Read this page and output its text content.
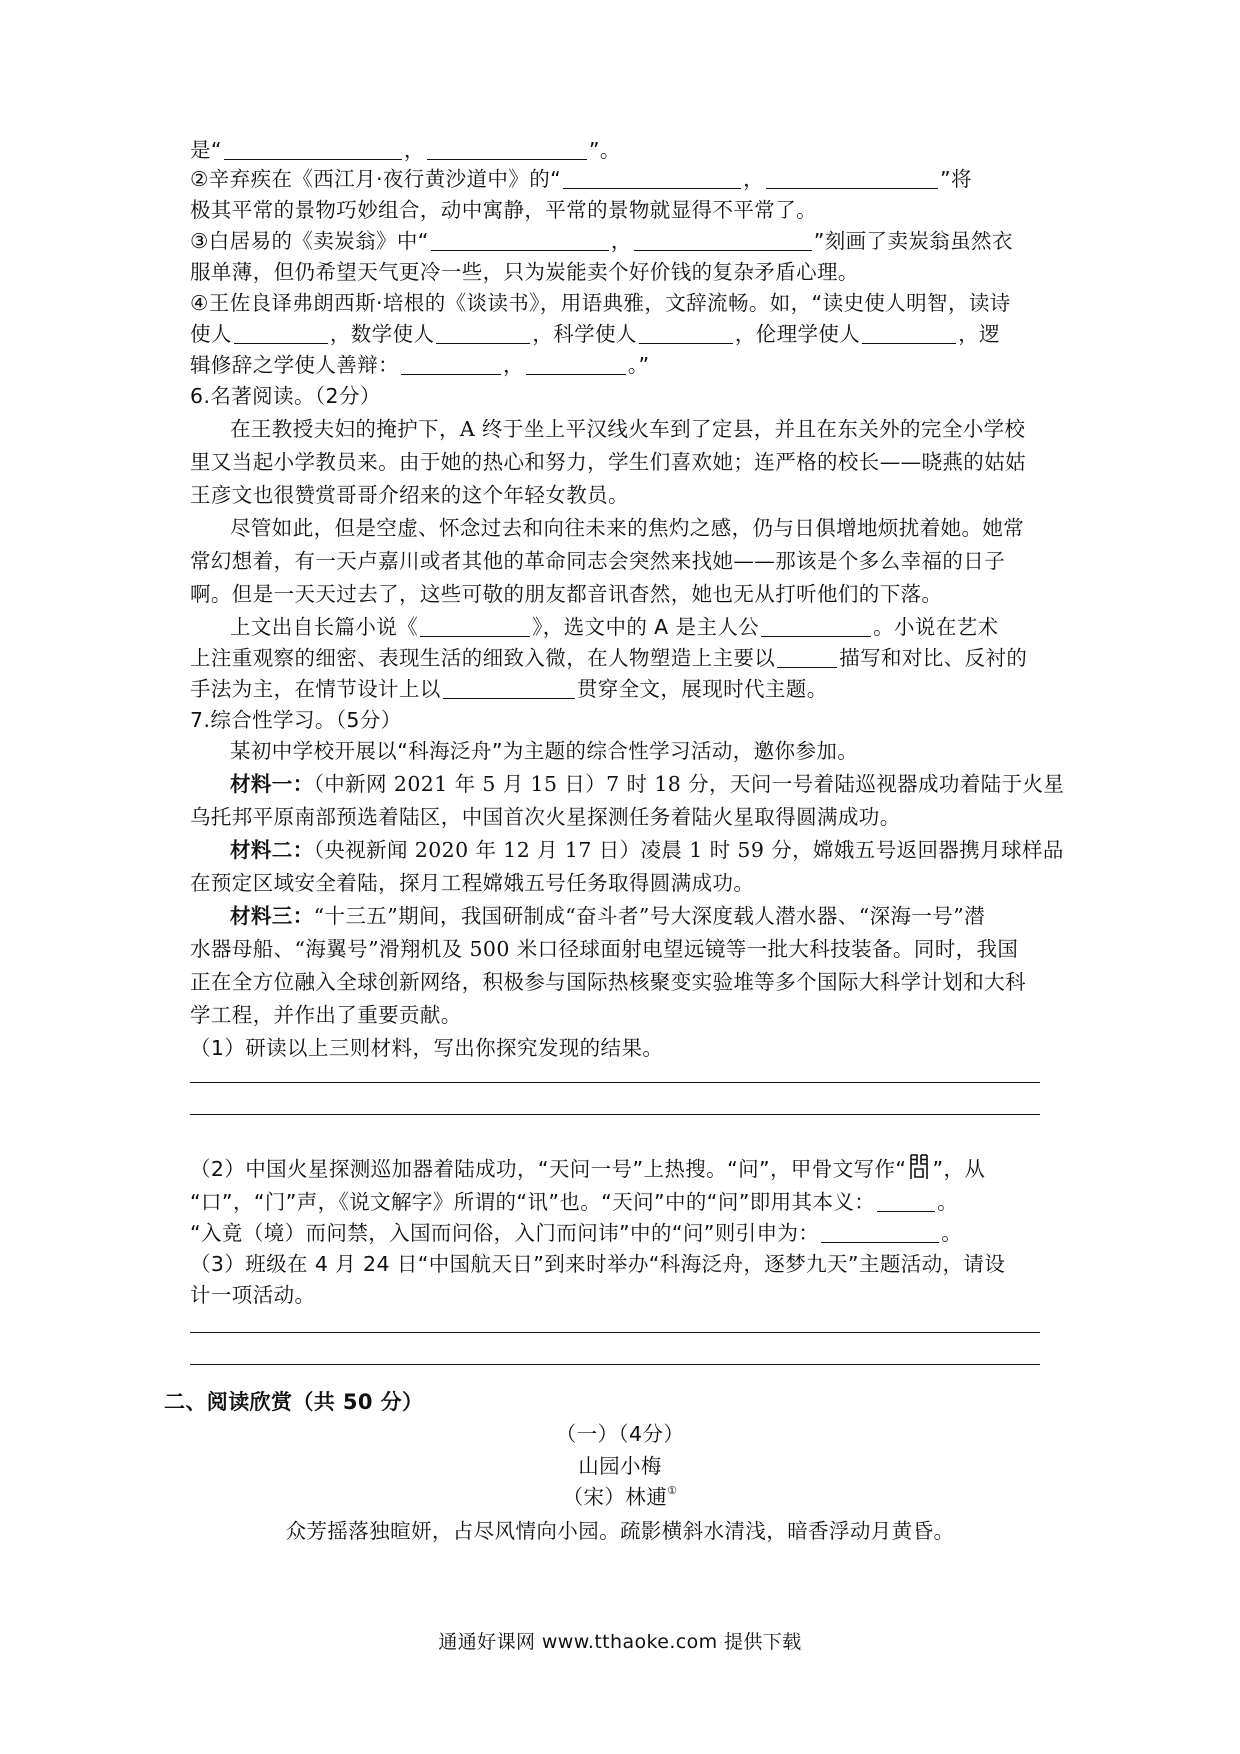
是“	，	”。
②辛弃疾在《西江月·夜行黄沙道中》的“	，	”将
极其平常的景物巧妙组合，动中寓静，平常的景物就显得不平常了。
③白居易的《卖炭翁》中“	，	”刻画了卖炭翁虽然衣
服单薄，但仍希望天气更冷一些，只为炭能卖个好价钱的复杂矛盾心理。
④王佐良译弗朗西斯·培根的《谈读书》，用语典雅，文辞流畅。如，“读史使人明智，读诗
使人	，数学使人	，科学使人	，伦理学使人	，逻
辑修辞之学使人善辩：	，	。”
6.名著阅读。（2分）
在王教授夫妇的掩护下，A 终于坐上平汉线火车到了定县，并且在东关外的完全小学校
里又当起小学教员来。由于她的热心和努力，学生们喜欢她；连严格的校长——晓燕的姑姑
王彦文也很赞赏哥哥介绍来的这个年轻女教员。
尽管如此，但是空虚、怀念过去和向往未来的焦灼之感，仍与日俱增地烦扰着她。她常
常幻想着，有一天卢嘉川或者其他的革命同志会突然来找她——那该是个多么幸福的日子
啊。但是一天天过去了，这些可敬的朋友都音讯杳然，她也无从打听他们的下落。
上文出自长篇小说《	》，选文中的 A 是主人公	。小说在艺术
上注重观察的细密、表现生活的细致入微，在人物塑造上主要以	描写和对比、反衬的
手法为主，在情节设计上以	贯穿全文，展现时代主题。
7.综合性学习。（5分）
某初中学校开展以“科海泛舟”为主题的综合性学习活动，邀你参加。
材料一：（中新网 2021 年 5 月 15 日）7 时 18 分，天问一号着陆巡视器成功着陆于火星
乌托邦平原南部预选着陆区，中国首次火星探测任务着陆火星取得圆满成功。
材料二：（央视新闻 2020 年 12 月 17 日）凌晨 1 时 59 分，嫦娥五号返回器携月球样品
在预定区域安全着陆，探月工程嫦娥五号任务取得圆满成功。
材料三：“十三五”期间，我国研制成“奋斗者”号大深度载人潜水器、“深海一号”潜
水器母船、“海翼号”滑翔机及 500 米口径球面射电望远镜等一批大科技装备。同时，我国
正在全方位融入全球创新网络，积极参与国际热核聚变实验堆等多个国际大科学计划和大科
学工程，并作出了重要贡献。
（1）研读以上三则材料，写出你探究发现的结果。
（2）中国火星探测巡加器着陆成功，“天问一号”上热搜。“问”，甲骨文写作“ ”，从
“口”，“门”声，《说文解字》所谓的“讯”也。“天问”中的“问”即用其本义：	。
“入竟（境）而问禁，入国而问俗，入门而问讳”中的“问”则引申为：	。
（3）班级在 4 月 24 日“中国航天日”到来时举办“科海泛舟，逐梦九天”主题活动，请设
计一项活动。
二、阅读欣赏（共 50 分）
（一）（4分）
山园小梅
（宋）林逋①
众芳摇落独暄妍，占尽风情向小园。疏影横斜水清浅，暗香浮动月黄昏。
通通好课网 www.tthaoke.com 提供下载
